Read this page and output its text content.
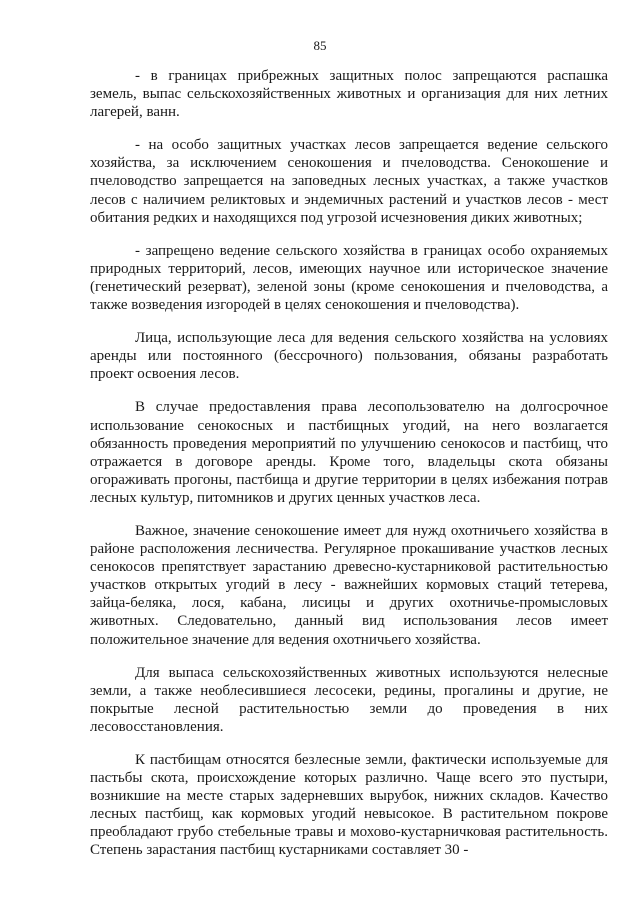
85

- в границах прибрежных защитных полос запрещаются распашка земель, выпас сельскохозяйственных животных и организация для них летних лагерей, ванн.

- на особо защитных участках лесов запрещается ведение сельского хозяйства, за исключением сенокошения и пчеловодства. Сенокошение и пчеловодство запрещается на заповедных лесных участках, а также участков лесов с наличием реликтовых и эндемичных растений и участков лесов - мест обитания редких и находящихся под угрозой исчезновения диких животных;

- запрещено ведение сельского хозяйства в границах особо охраняемых природных территорий, лесов, имеющих научное или историческое значение (генетический резерват), зеленой зоны (кроме сенокошения и пчеловодства, а также возведения изгородей в целях сенокошения и пчеловодства).

Лица, использующие леса для ведения сельского хозяйства на условиях аренды или постоянного (бессрочного) пользования, обязаны разработать проект освоения лесов.

В случае предоставления права лесопользователю на долгосрочное использование сенокосных и пастбищных угодий, на него возлагается обязанность проведения мероприятий по улучшению сенокосов и пастбищ, что отражается в договоре аренды. Кроме того, владельцы скота обязаны огораживать прогоны, пастбища и другие территории в целях избежания потрав лесных культур, питомников и других ценных участков леса.

Важное, значение сенокошение имеет для нужд охотничьего хозяйства в районе расположения лесничества. Регулярное прокашивание участков лесных сенокосов препятствует зарастанию древесно-кустарниковой растительностью участков открытых угодий в лесу - важнейших кормовых стаций тетерева, зайца-беляка, лося, кабана, лисицы и других охотничье-промысловых животных. Следовательно, данный вид использования лесов имеет положительное значение для ведения охотничьего хозяйства.

Для выпаса сельскохозяйственных животных используются нелесные земли, а также необлесившиеся лесосеки, редины, прогалины и другие, не покрытые лесной растительностью земли до проведения в них лесовосстановления.

К пастбищам относятся безлесные земли, фактически используемые для пастьбы скота, происхождение которых различно. Чаще всего это пустыри, возникшие на месте старых задерневших вырубок, нижних складов. Качество лесных пастбищ, как кормовых угодий невысокое. В растительном покрове преобладают грубо стебельные травы и мохово-кустарничковая растительность. Степень зарастания пастбищ кустарниками составляет 30 -
